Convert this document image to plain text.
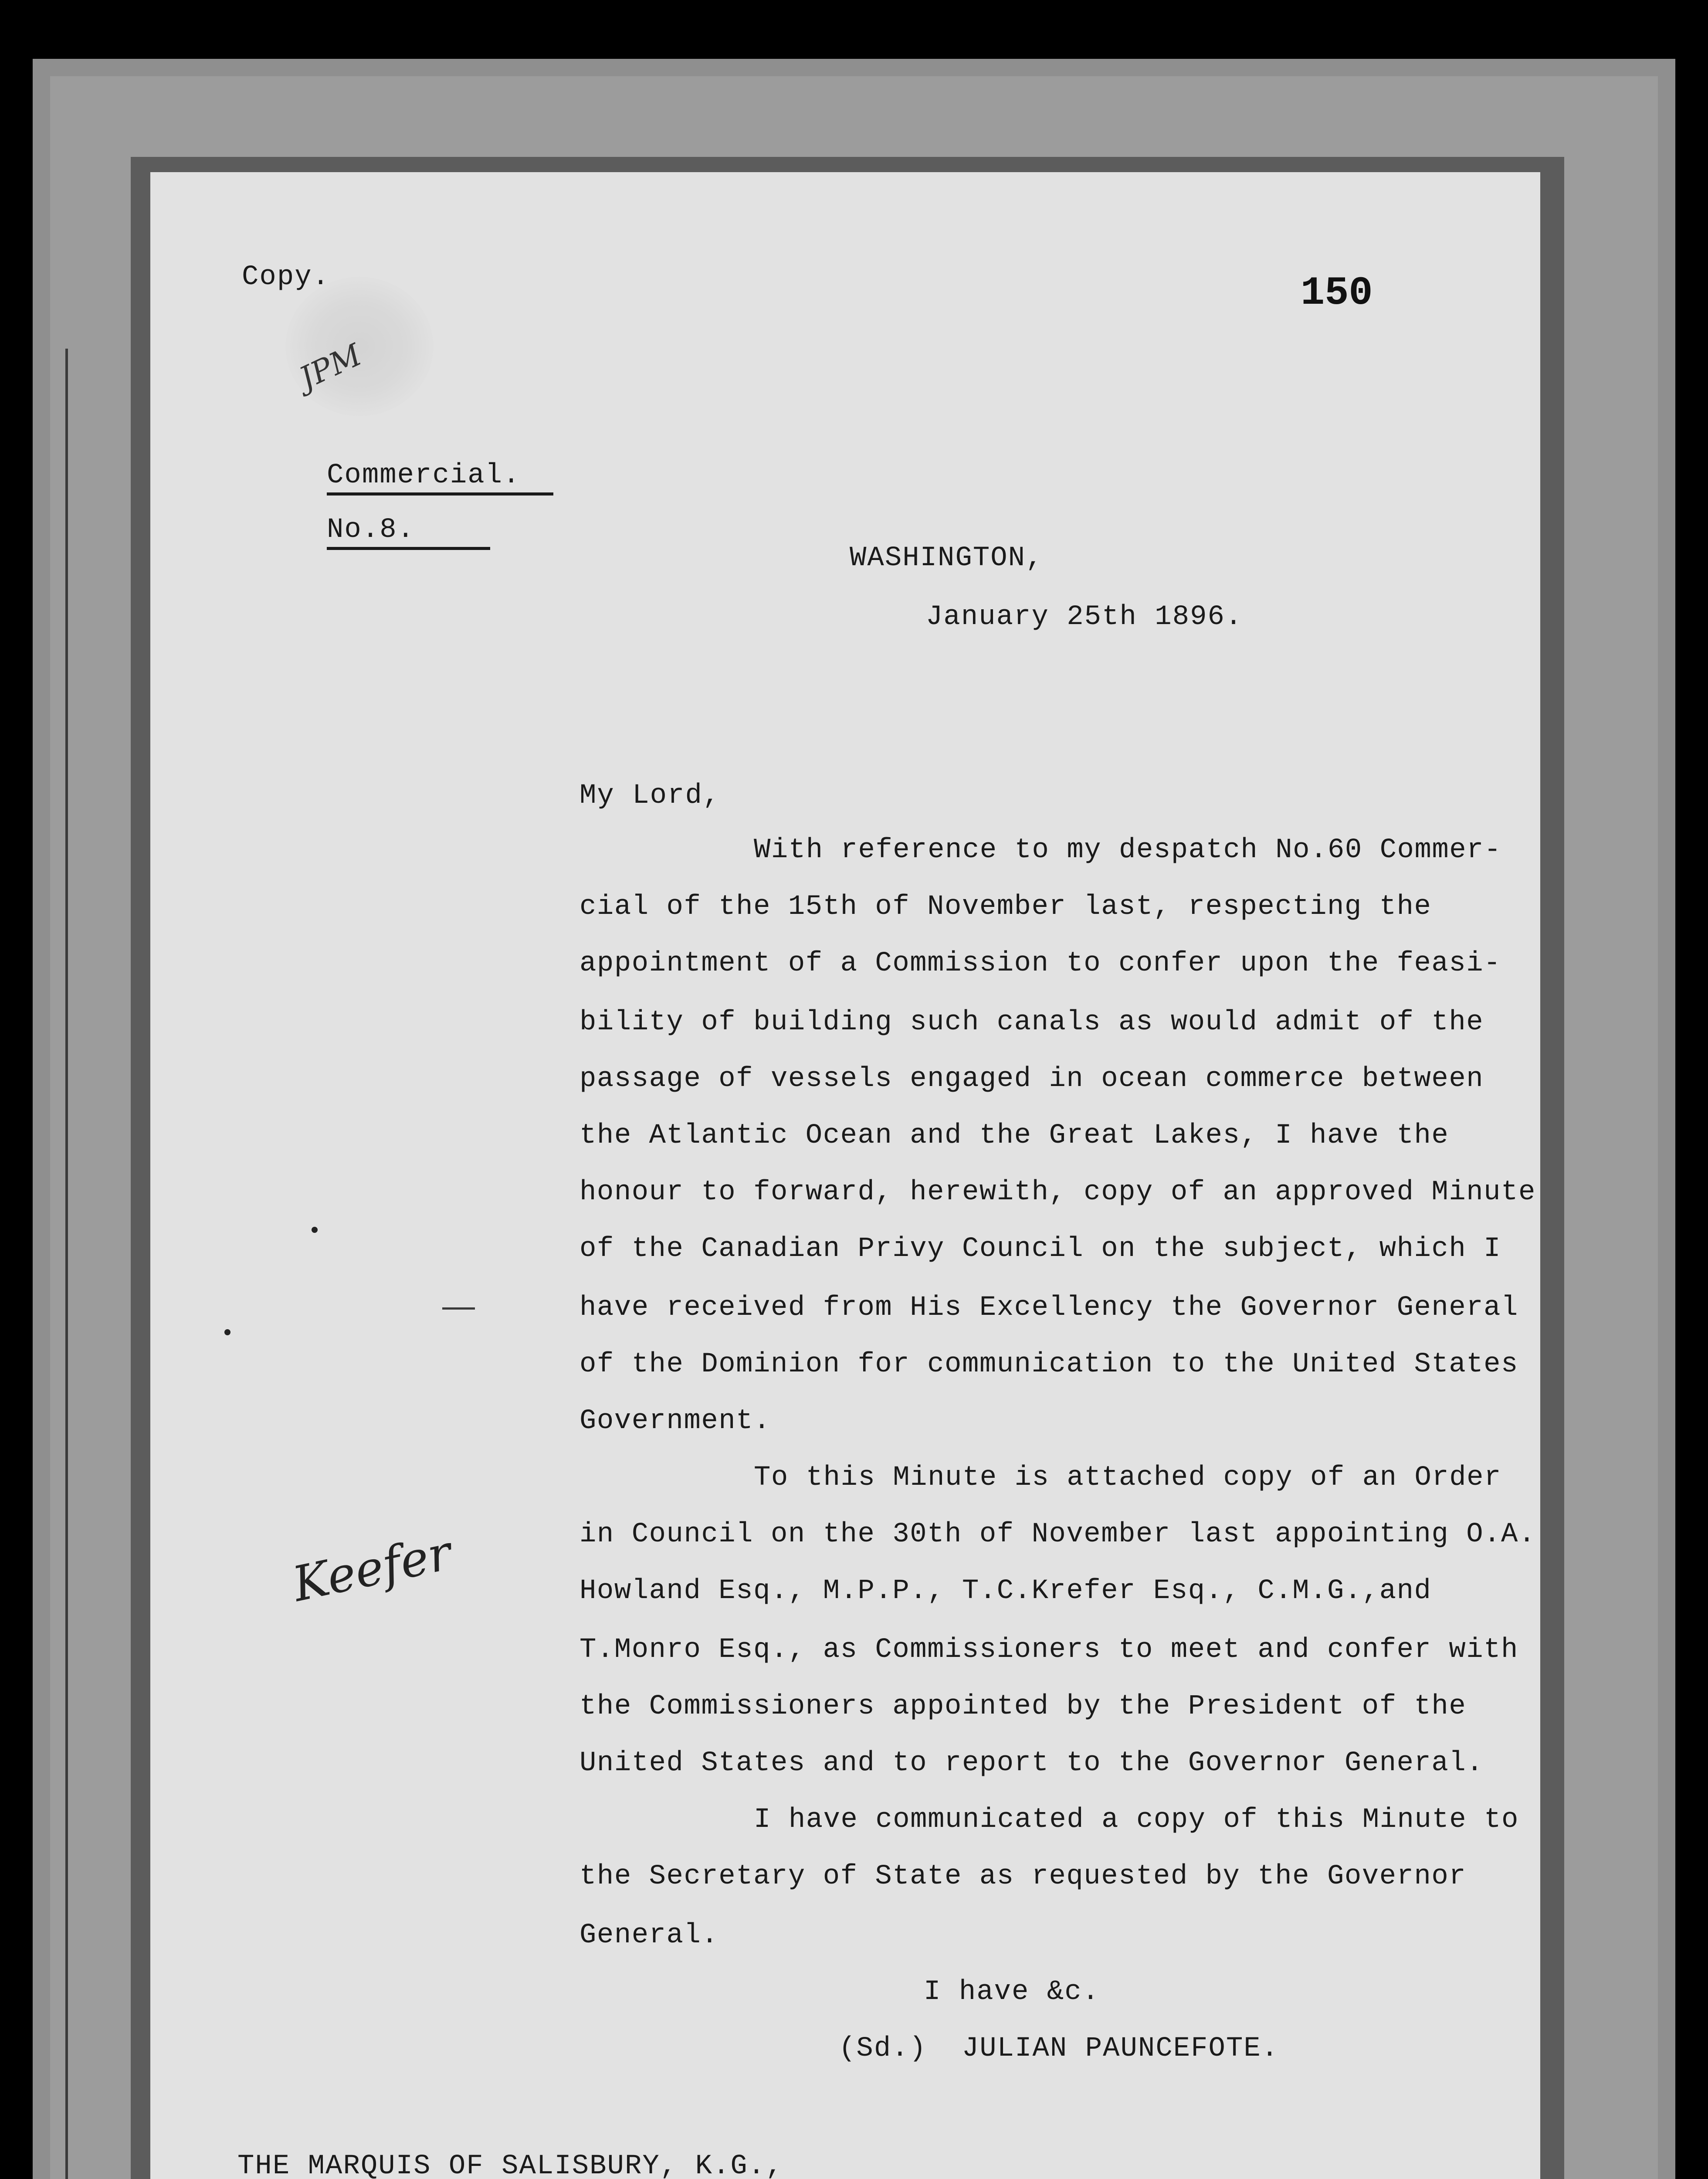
JPM
Copy.	150
Commercial.
No.8.
WASHINGTON,
January 25th 1896.
My Lord,
With reference to my despatch No.60 Commer-
cial of the 15th of November last, respecting the
appointment of a Commission to confer upon the feasi-
bility of building such canals as would admit of the
passage of vessels engaged in ocean commerce between
the Atlantic Ocean and the Great Lakes, I have the
honour to forward, herewith, copy of an approved Minute
of the Canadian Privy Council on the subject, which I
have received from His Excellency the Governor General
of the Dominion for communication to the United States
Government.
To this Minute is attached copy of an Order
in Council on the 30th of November last appointing O.A.
Howland Esq., M.P.P., T.C.Krefer Esq., C.M.G.,and
T.Monro Esq., as Commissioners to meet and confer with
the Commissioners appointed by the President of the
United States and to report to the Governor General.
I have communicated a copy of this Minute to
the Secretary of State as requested by the Governor
General.
I have &c.
(Sd.)  JULIAN PAUNCEFOTE.
THE MARQUIS OF SALISBURY, K.G.,
Keefer
